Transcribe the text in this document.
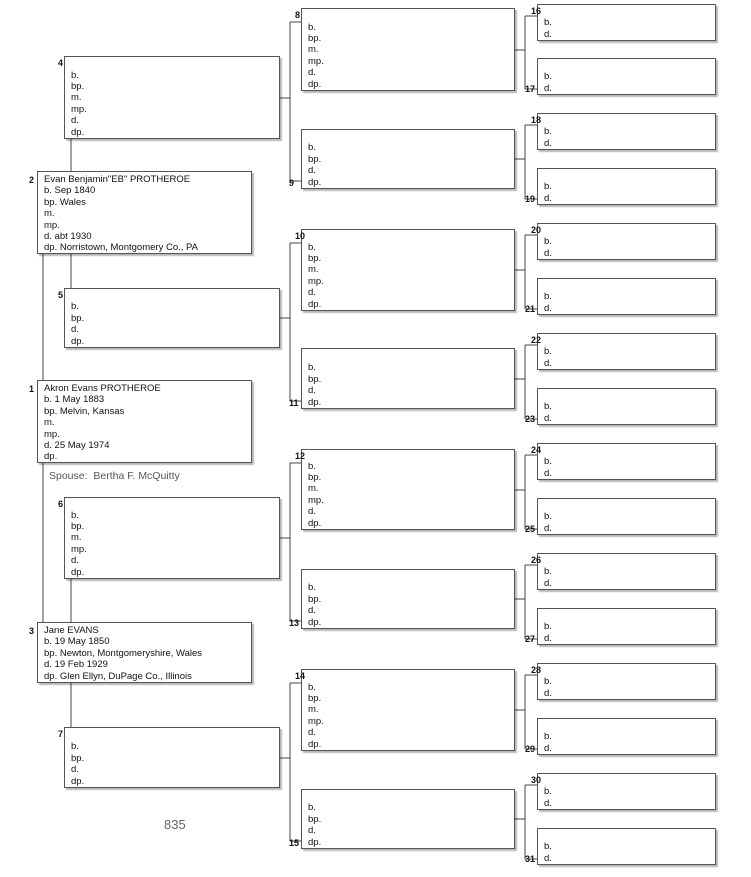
Akron Evans PROTHEROE
b. 1 May 1883
bp. Melvin, Kansas
m.
mp.
d. 25 May 1974
dp.
1
Evan Benjamin"EB" PROTHEROE
b. Sep 1840
bp. Wales
m.
mp.
d. abt 1930
dp. Norristown, Montgomery Co., PA
2
Jane EVANS
b. 19 May 1850
bp. Newton, Montgomeryshire, Wales
d. 19 Feb 1929
dp. Glen Ellyn, DuPage Co., Illinois
3
b.
bp.
m.
mp.
d.
dp.
4
b.
bp.
d.
dp.
5
b.
bp.
m.
mp.
d.
dp.
6
b.
bp.
d.
dp.
7
b.
bp.
m.
mp.
d.
dp.
8
b.
bp.
d.
dp.
9
b.
bp.
m.
mp.
d.
dp.
10
b.
bp.
d.
dp.
11
b.
bp.
m.
mp.
d.
dp.
12
b.
bp.
d.
dp.
13
b.
bp.
m.
mp.
d.
dp.
14
b.
bp.
d.
dp.
15
b.
d.
16
b.
d.
17
b.
d.
18
b.
d.
19
b.
d.
20
b.
d.
21
b.
d.
22
b.
d.
23
b.
d.
24
b.
d.
25
b.
d.
26
b.
d.
27
b.
d.
28
b.
d.
29
b.
d.
30
b.
d.
31
Spouse: Bertha F. McQuitty
835
